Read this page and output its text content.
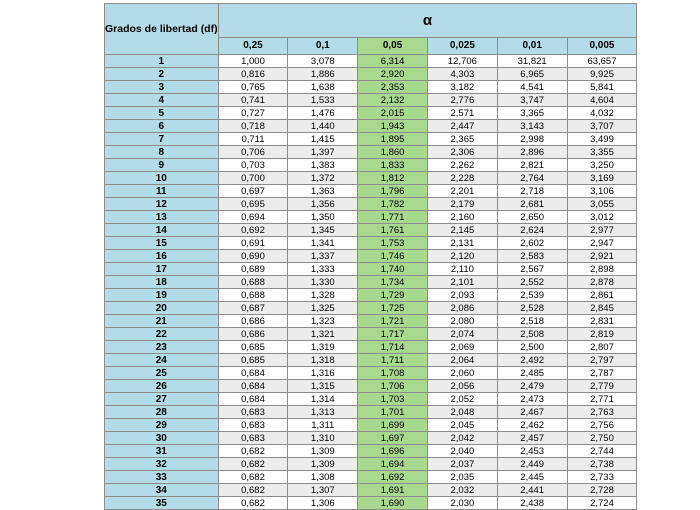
Grados de libertad (df)	α					
	0,25	0,1	0,05	0,025	0,01	0,005
1	1,000	3,078	6,314	12,706	31,821	63,657
2	0,816	1,886	2,920	4,303	6,965	9,925
3	0,765	1,638	2,353	3,182	4,541	5,841
4	0,741	1,533	2,132	2,776	3,747	4,604
5	0,727	1,476	2,015	2,571	3,365	4,032
6	0,718	1,440	1,943	2,447	3,143	3,707
7	0,711	1,415	1,895	2,365	2,998	3,499
8	0,706	1,397	1,860	2,306	2,896	3,355
9	0,703	1,383	1,833	2,262	2,821	3,250
10	0,700	1,372	1,812	2,228	2,764	3,169
11	0,697	1,363	1,796	2,201	2,718	3,106
12	0,695	1,356	1,782	2,179	2,681	3,055
13	0,694	1,350	1,771	2,160	2,650	3,012
14	0,692	1,345	1,761	2,145	2,624	2,977
15	0,691	1,341	1,753	2,131	2,602	2,947
16	0,690	1,337	1,746	2,120	2,583	2,921
17	0,689	1,333	1,740	2,110	2,567	2,898
18	0,688	1,330	1,734	2,101	2,552	2,878
19	0,688	1,328	1,729	2,093	2,539	2,861
20	0,687	1,325	1,725	2,086	2,528	2,845
21	0,686	1,323	1,721	2,080	2,518	2,831
22	0,686	1,321	1,717	2,074	2,508	2,819
23	0,685	1,319	1,714	2,069	2,500	2,807
24	0,685	1,318	1,711	2,064	2,492	2,797
25	0,684	1,316	1,708	2,060	2,485	2,787
26	0,684	1,315	1,706	2,056	2,479	2,779
27	0,684	1,314	1,703	2,052	2,473	2,771
28	0,683	1,313	1,701	2,048	2,467	2,763
29	0,683	1,311	1,699	2,045	2,462	2,756
30	0,683	1,310	1,697	2,042	2,457	2,750
31	0,682	1,309	1,696	2,040	2,453	2,744
32	0,682	1,309	1,694	2,037	2,449	2,738
33	0,682	1,308	1,692	2,035	2,445	2,733
34	0,682	1,307	1,691	2,032	2,441	2,728
35	0,682	1,306	1,690	2,030	2,438	2,724
